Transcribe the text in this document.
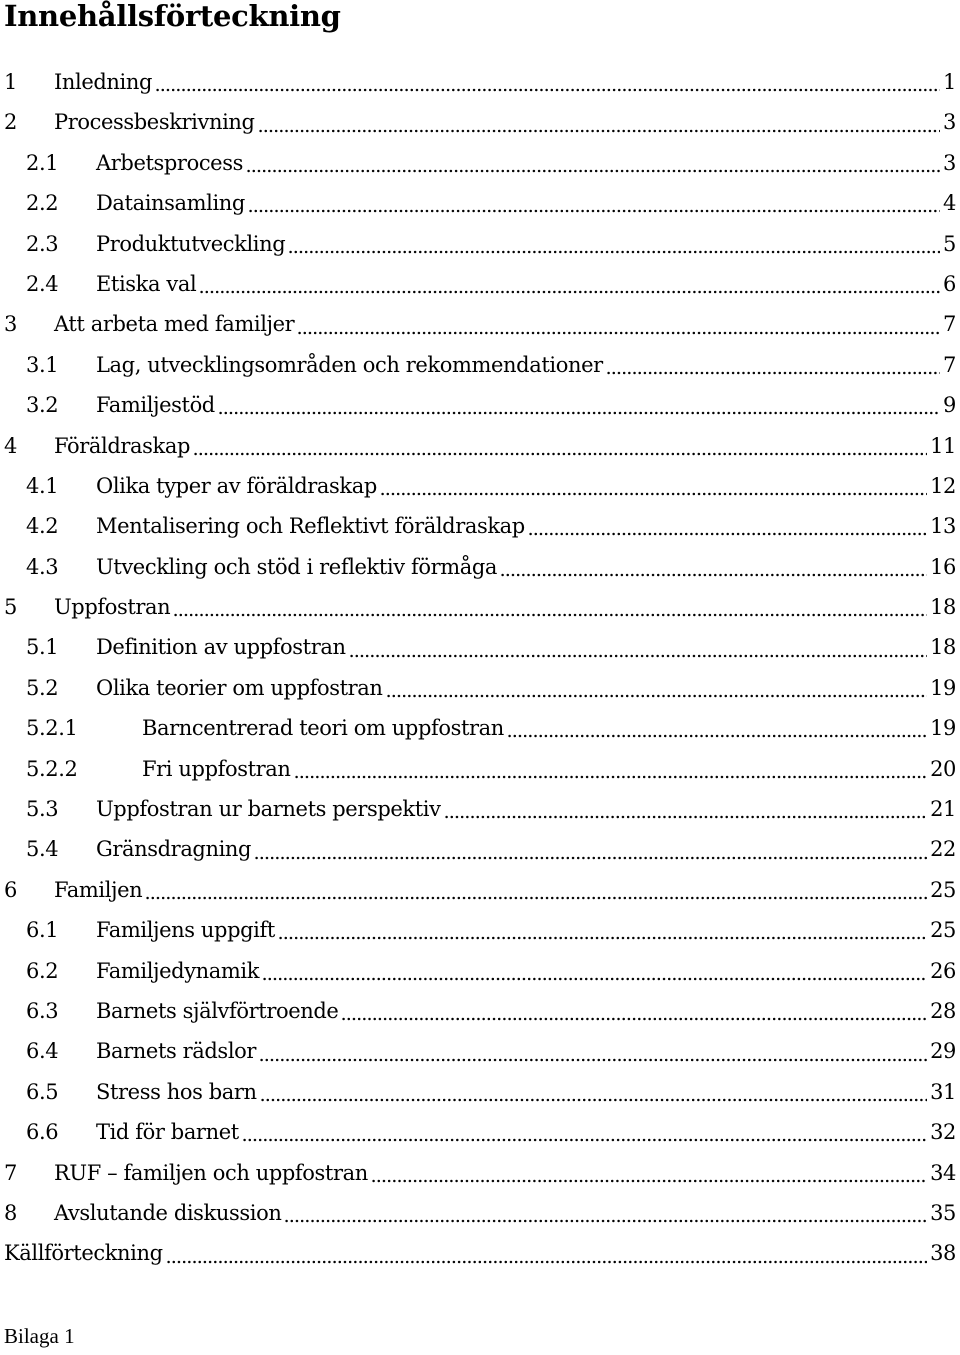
Innehållsförteckning
1	Inledning	1
2	Processbeskrivning	3
2.1	Arbetsprocess	3
2.2	Datainsamling	4
2.3	Produktutveckling	5
2.4	Etiska val	6
3	Att arbeta med familjer	7
3.1	Lag, utvecklingsområden och rekommendationer	7
3.2	Familjestöd	9
4	Föräldraskap	11
4.1	Olika typer av föräldraskap	12
4.2	Mentalisering och Reflektivt föräldraskap	13
4.3	Utveckling och stöd i reflektiv förmåga	16
5	Uppfostran	18
5.1	Definition av uppfostran	18
5.2	Olika teorier om uppfostran	19
5.2.1	Barncentrerad teori om uppfostran	19
5.2.2	Fri uppfostran	20
5.3	Uppfostran ur barnets perspektiv	21
5.4	Gränsdragning	22
6	Familjen	25
6.1	Familjens uppgift	25
6.2	Familjedynamik	26
6.3	Barnets självförtroende	28
6.4	Barnets rädslor	29
6.5	Stress hos barn	31
6.6	Tid för barnet	32
7	RUF – familjen och uppfostran	34
8	Avslutande diskussion	35
Källförteckning	38
Bilaga 1
